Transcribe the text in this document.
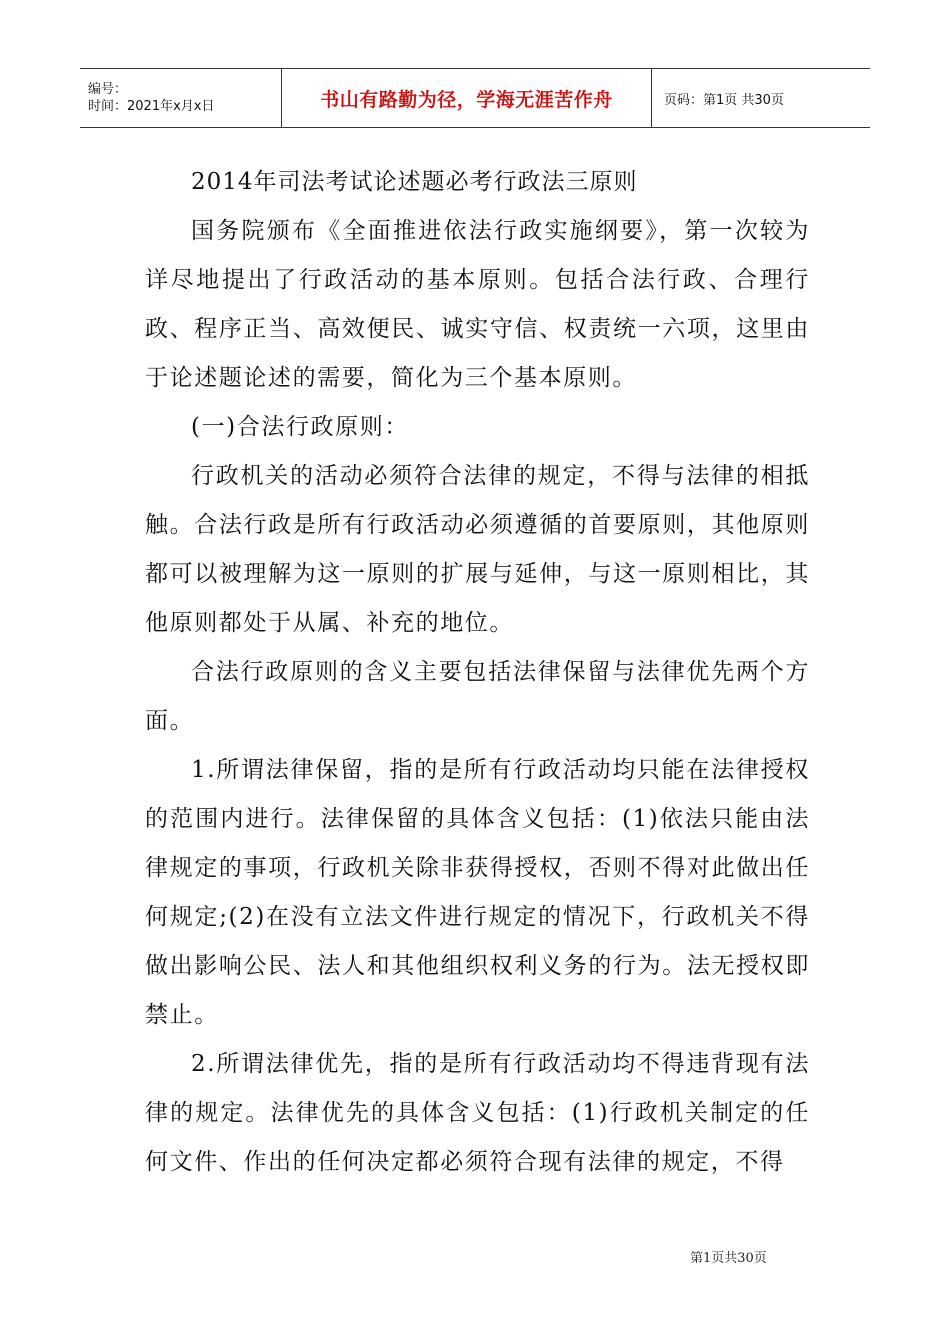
编号：
时间：2021年x月x日	书山有路勤为径，学海无涯苦作舟	页码：第1页 共30页

2014年司法考试论述题必考行政法三原则

国务院颁布《全面推进依法行政实施纲要》，第一次较为详尽地提出了行政活动的基本原则。包括合法行政、合理行政、程序正当、高效便民、诚实守信、权责统一六项，这里由于论述题论述的需要，简化为三个基本原则。

(一)合法行政原则：

行政机关的活动必须符合法律的规定，不得与法律的相抵触。合法行政是所有行政活动必须遵循的首要原则，其他原则都可以被理解为这一原则的扩展与延伸，与这一原则相比，其他原则都处于从属、补充的地位。

合法行政原则的含义主要包括法律保留与法律优先两个方面。

1.所谓法律保留，指的是所有行政活动均只能在法律授权的范围内进行。法律保留的具体含义包括：(1)依法只能由法律规定的事项，行政机关除非获得授权，否则不得对此做出任何规定;(2)在没有立法文件进行规定的情况下，行政机关不得做出影响公民、法人和其他组织权利义务的行为。法无授权即禁止。

2.所谓法律优先，指的是所有行政活动均不得违背现有法律的规定。法律优先的具体含义包括：(1)行政机关制定的任何文件、作出的任何决定都必须符合现有法律的规定，不得

第1页共30页
